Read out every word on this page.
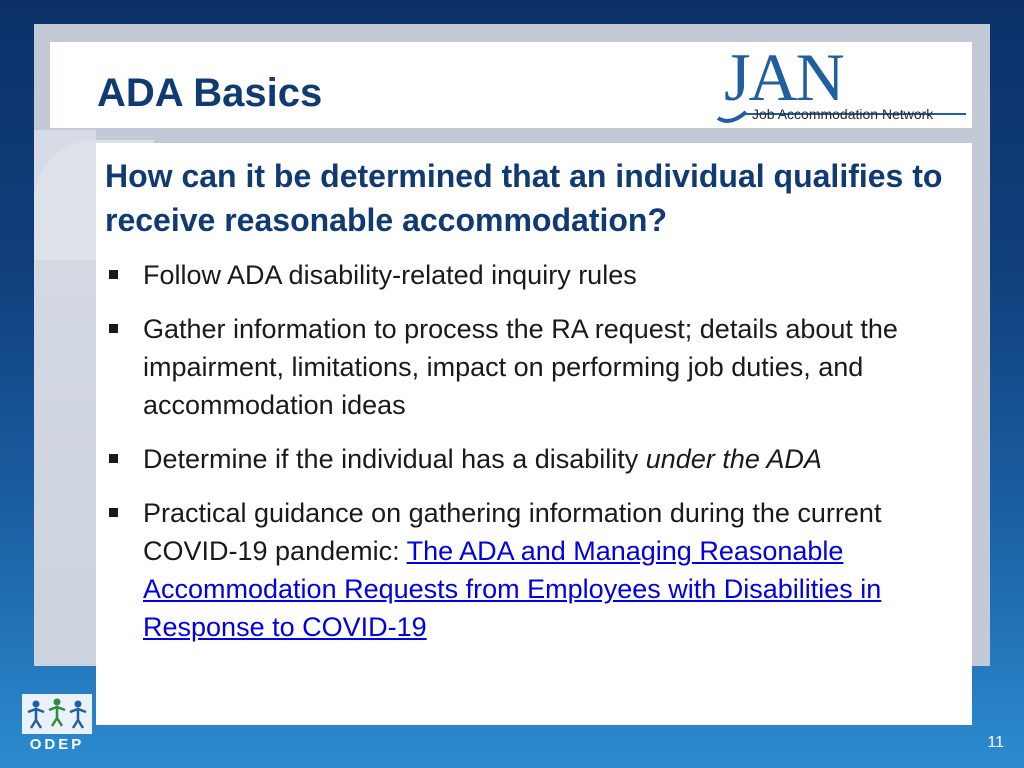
ADA Basics	JAN
Job Accommodation Network

How can it be determined that an individual qualifies to receive reasonable accommodation?

Follow ADA disability-related inquiry rules
Gather information to process the RA request; details about the impairment, limitations, impact on performing job duties, and accommodation ideas
Determine if the individual has a disability under the ADA
Practical guidance on gathering information during the current COVID-19 pandemic: The ADA and Managing Reasonable Accommodation Requests from Employees with Disabilities in Response to COVID-19
ODEP	11
